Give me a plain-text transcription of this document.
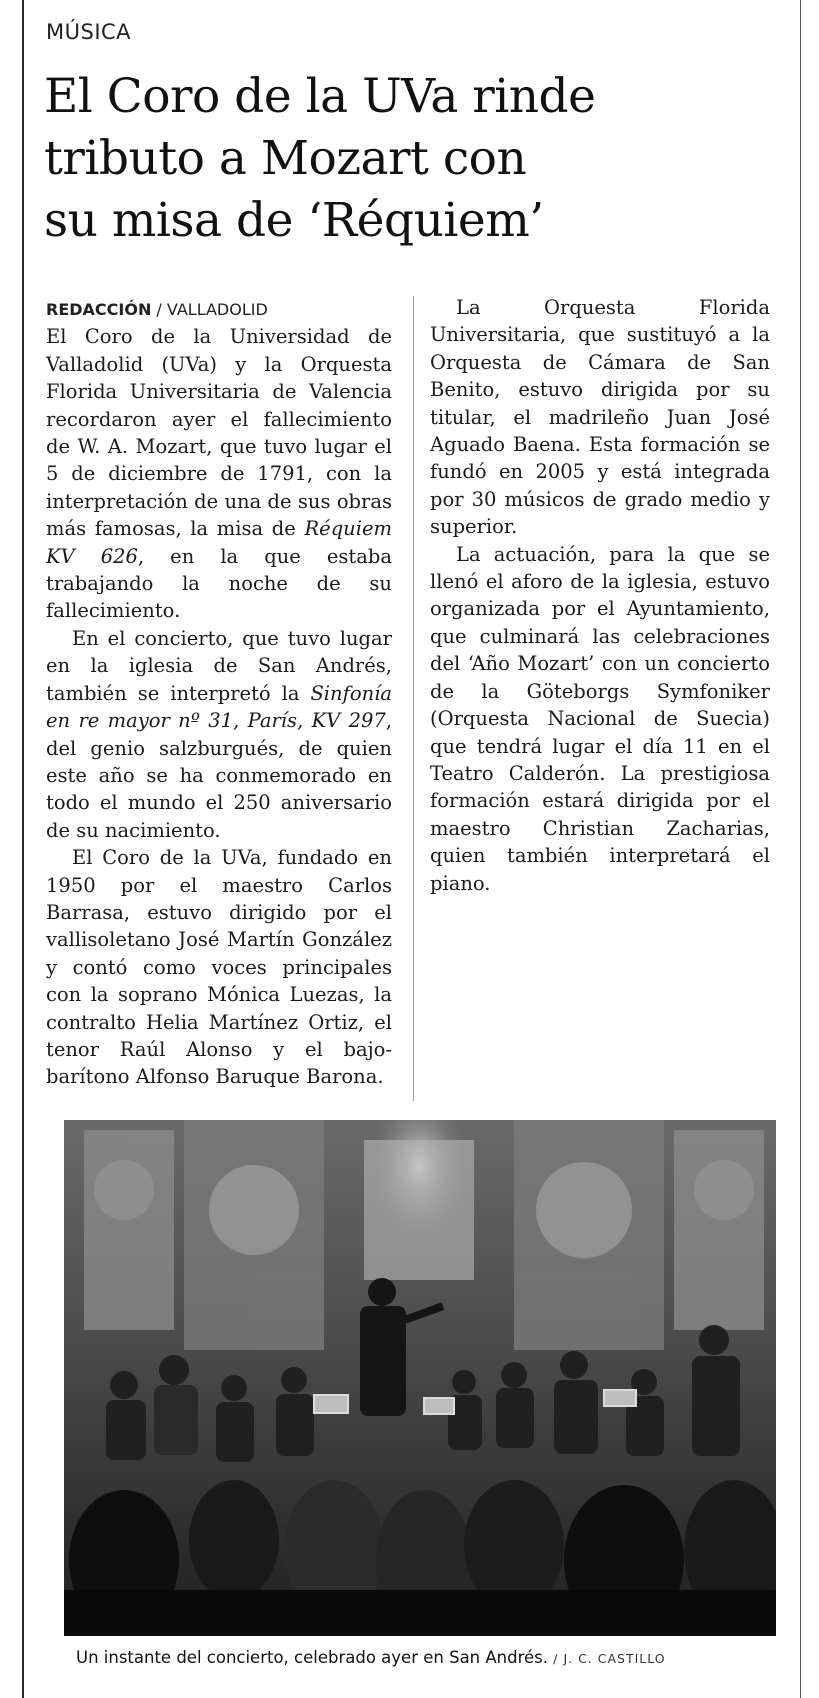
MÚSICA
El Coro de la UVa rinde
tributo a Mozart con
su misa de ‘Réquiem’

REDACCIÓN / VALLADOLID

El Coro de la Universidad de Valladolid (UVa) y la Orquesta Florida Universitaria de Valencia recordaron ayer el fallecimiento de W. A. Mozart, que tuvo lugar el 5 de diciembre de 1791, con la interpretación de una de sus obras más famosas, la misa de Réquiem KV 626, en la que estaba trabajando la noche de su fallecimiento.

En el concierto, que tuvo lugar en la iglesia de San Andrés, también se interpretó la Sinfonía en re mayor nº 31, París, KV 297, del genio salzburgués, de quien este año se ha conmemorado en todo el mundo el 250 aniversario de su nacimiento.

El Coro de la UVa, fundado en 1950 por el maestro Carlos Barrasa, estuvo dirigido por el vallisoletano José Martín González y contó como voces principales con la soprano Mónica Luezas, la contralto Helia Martínez Ortiz, el tenor Raúl Alonso y el bajo-barítono Alfonso Baruque Barona.

La Orquesta Florida Universitaria, que sustituyó a la Orquesta de Cámara de San Benito, estuvo dirigida por su titular, el madrileño Juan José Aguado Baena. Esta formación se fundó en 2005 y está integrada por 30 músicos de grado medio y superior.

La actuación, para la que se llenó el aforo de la iglesia, estuvo organizada por el Ayuntamiento, que culminará las celebraciones del ‘Año Mozart’ con un concierto de la Göteborgs Symfoniker (Orquesta Nacional de Suecia) que tendrá lugar el día 11 en el Teatro Calderón. La prestigiosa formación estará dirigida por el maestro Christian Zacharias, quien también interpretará el piano.

Un instante del concierto, celebrado ayer en San Andrés. / J. C. CASTILLO
